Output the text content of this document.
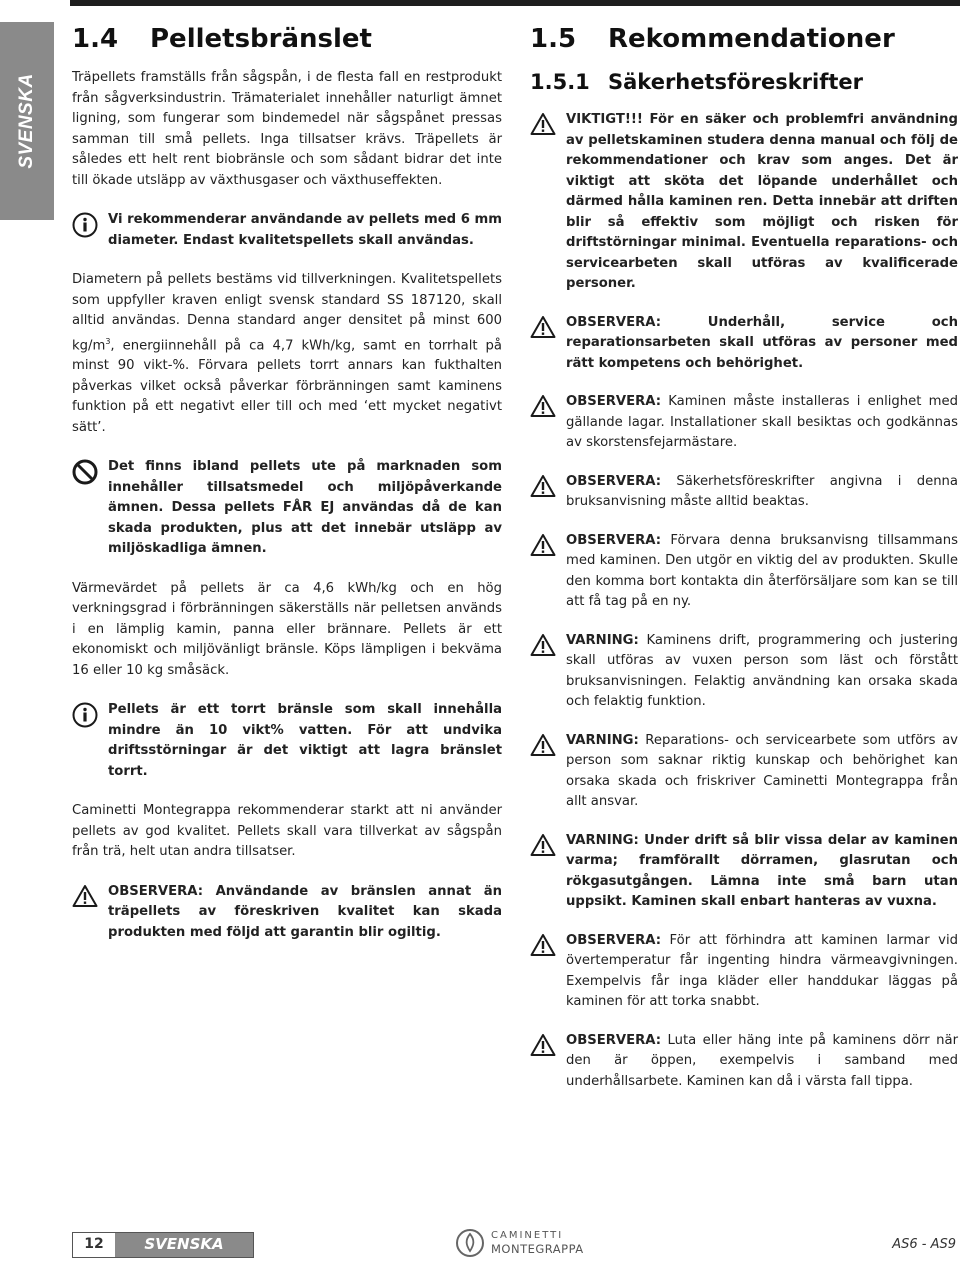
SVENSKA
1.4 Pelletsbränslet

Träpellets framställs från sågspån, i de flesta fall en restprodukt från sågverksindustrin. Trämaterialet innehåller naturligt ämnet ligning, som fungerar som bindemedel när sågspånet pressas samman till små pellets. Inga tillsatser krävs. Träpellets är således ett helt rent biobränsle och som sådant bidrar det inte till ökade utsläpp av växthusgaser och växthuseffekten.

Vi rekommenderar användande av pellets med 6 mm diameter. Endast kvalitetspellets skall användas.

Diametern på pellets bestäms vid tillverkningen. Kvalitetspellets som uppfyller kraven enligt svensk standard SS 187120, skall alltid användas. Denna standard anger densitet på minst 600 $kg/m^3$, energiinnehåll på ca 4,7 kWh/kg, samt en torrhalt på minst 90 vikt-%. Förvara pellets torrt annars kan fukthalten påverkas vilket också påverkar förbränningen samt kaminens funktion på ett negativt eller till och med ‘ett mycket negativt sätt’.

Det finns ibland pellets ute på marknaden som innehåller tillsatsmedel och miljöpåverkande ämnen. Dessa pellets FÅR EJ användas då de kan skada produkten, plus att det innebär utsläpp av miljöskadliga ämnen.

Värmevärdet på pellets är ca 4,6 kWh/kg och en hög verkningsgrad i förbränningen säkerställs när pelletsen används i en lämplig kamin, panna eller brännare. Pellets är ett ekonomiskt och miljövänligt bränsle. Köps lämpligen i bekväma 16 eller 10 kg småsäck.

Pellets är ett torrt bränsle som skall innehålla mindre än 10 vikt% vatten. För att undvika driftsstörningar är det viktigt att lagra bränslet torrt.

Caminetti Montegrappa rekommenderar starkt att ni använder pellets av god kvalitet. Pellets skall vara tillverkat av sågspån från trä, helt utan andra tillsatser.

OBSERVERA: Användande av bränslen annat än träpellets av föreskriven kvalitet kan skada produkten med följd att garantin blir ogiltig.

1.5 Rekommendationer
1.5.1 Säkerhetsföreskrifter

VIKTIGT!!! För en säker och problemfri användning av pelletskaminen studera denna manual och följ de rekommendationer och krav som anges. Det är viktigt att sköta det löpande underhållet och därmed hålla kaminen ren. Detta innebär att driften blir så effektiv som möjligt och risken för driftstörningar minimal. Eventuella reparations- och servicearbeten skall utföras av kvalificerade personer.

OBSERVERA: Underhåll, service och reparationsarbeten skall utföras av personer med rätt kompetens och behörighet.

OBSERVERA: Kaminen måste installeras i enlighet med gällande lagar. Installationer skall besiktas och godkännas av skorstensfejarmästare.

OBSERVERA: Säkerhetsföreskrifter angivna i denna bruksanvisning måste alltid beaktas.

OBSERVERA: Förvara denna bruksanvisng tillsammans med kaminen. Den utgör en viktig del av produkten. Skulle den komma bort kontakta din återförsäljare som kan se till att få tag på en ny.

VARNING: Kaminens drift, programmering och justering skall utföras av vuxen person som läst och förstått bruksanvisningen. Felaktig användning kan orsaka skada och felaktig funktion.

VARNING: Reparations- och servicearbete som utförs av person som saknar riktig kunskap och behörighet kan orsaka skada och friskriver Caminetti Montegrappa från allt ansvar.

VARNING: Under drift så blir vissa delar av kaminen varma; framförallt dörramen, glasrutan och rökgasutgången. Lämna inte små barn utan uppsikt. Kaminen skall enbart hanteras av vuxna.

OBSERVERA: För att förhindra att kaminen larmar vid övertemperatur får ingenting hindra värmeavgivningen. Exempelvis får inga kläder eller handdukar läggas på kaminen för att torka snabbt.

OBSERVERA: Luta eller häng inte på kaminens dörr när den är öppen, exempelvis i samband med underhållsarbete. Kaminen kan då i värsta fall tippa.

12	SVENSKA	CAMINETTI
MONTEGRAPPA	AS6 - AS9
